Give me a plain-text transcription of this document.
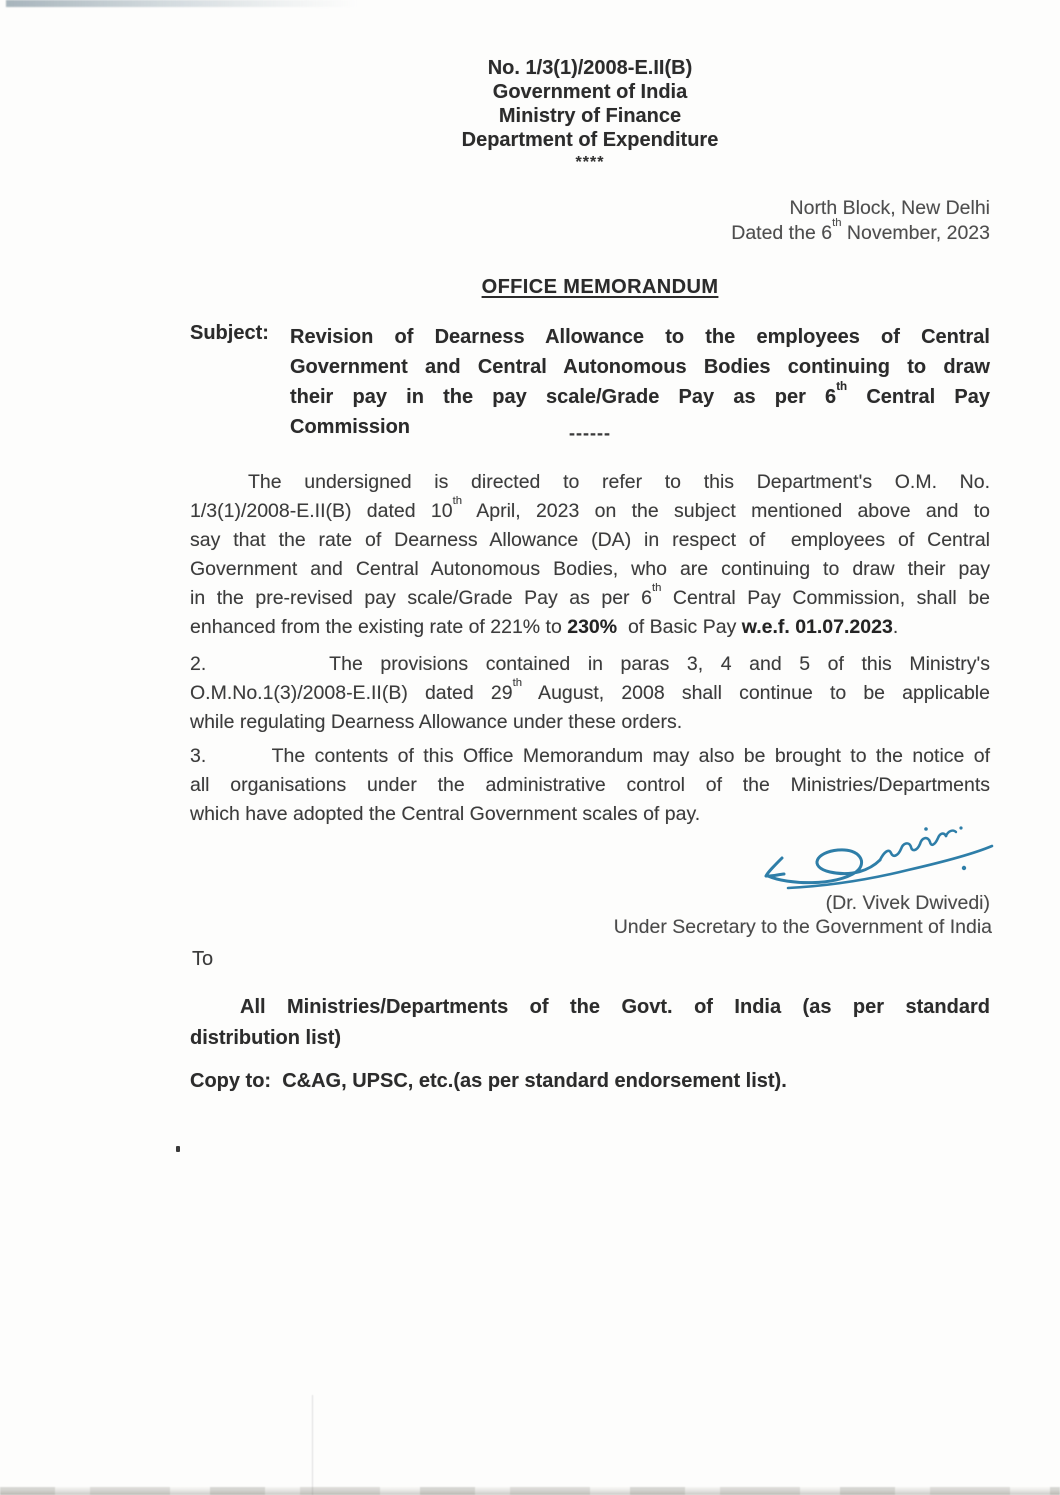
No. 1/3(1)/2008-E.II(B)
Government of India
Ministry of Finance
Department of Expenditure
****
North Block, New Delhi
Dated the 6th November, 2023
OFFICE MEMORANDUM
Subject: Revision of Dearness Allowance to the employees of Central
Government and Central Autonomous Bodies continuing to draw
their pay in the pay scale/Grade Pay as per 6th Central Pay
Commission	------
The undersigned is directed to refer to this Department's O.M. No.
1/3(1)/2008-E.II(B) dated 10th April, 2023 on the subject mentioned above and to
say that the rate of Dearness Allowance (DA) in respect of  employees of Central
Government and Central Autonomous Bodies, who are continuing to draw their pay
in the pre-revised pay scale/Grade Pay as per 6th Central Pay Commission, shall be
enhanced from the existing rate of 221% to 230%  of Basic Pay w.e.f. 01.07.2023.
2.       The provisions contained in paras 3, 4 and 5 of this Ministry's
O.M.No.1(3)/2008-E.II(B) dated 29th August, 2008 shall continue to be applicable
while regulating Dearness Allowance under these orders.
3.       The contents of this Office Memorandum may also be brought to the notice of
all organisations under the administrative control of the Ministries/Departments
which have adopted the Central Government scales of pay.
(Dr. Vivek Dwivedi)
Under Secretary to the Government of India
To
All Ministries/Departments of the Govt. of India (as per standard
distribution list)
Copy to:  C&AG, UPSC, etc.(as per standard endorsement list).
